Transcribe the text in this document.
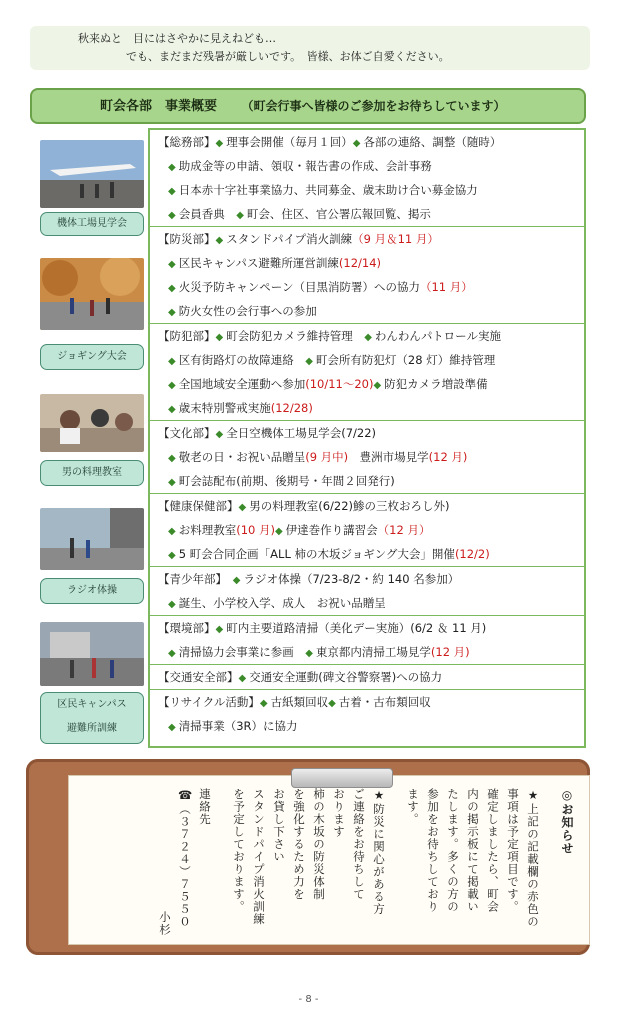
秋来ぬと　目にはさやかに見えねども…
でも、まだまだ残暑が厳しいです。　皆様、お体ご自愛ください。
町会各部　事業概要 （町会行事へ皆様のご参加をお待ちしています）
機体工場見学会
ジョギング大会
男の料理教室
ラジオ体操
区民キャンパス
避難所訓練
【総務部】◆ 理事会開催（毎月１回）◆ 各部の連絡、調整（随時）
◆ 助成金等の申請、領収・報告書の作成、会計事務
◆ 日本赤十字社事業協力、共同募金、歳末助け合い募金協力
◆ 会員香典　 ◆ 町会、住区、官公署広報回覧、掲示
【防災部】◆ スタンドパイプ消火訓練（9 月＆11 月）
◆ 区民キャンパス避難所運営訓練(12/14)
◆ 火災予防キャンペーン（目黒消防署）への協力（11 月）
◆ 防火女性の会行事への参加
【防犯部】◆ 町会防犯カメラ維持管理　 ◆ わんわんパトロール実施
◆ 区有街路灯の故障連絡　 ◆ 町会所有防犯灯（28 灯）維持管理
◆ 全国地域安全運動へ参加(10/11～20)◆ 防犯カメラ増設準備
◆ 歳末特別警戒実施(12/28)
【文化部】◆ 全日空機体工場見学会(7/22)
◆ 敬老の日・お祝い品贈呈(9 月中)　 豊洲市場見学(12 月)
◆ 町会誌配布(前期、後期号・年間２回発行)
【健康保健部】◆ 男の料理教室(6/22)鯵の三枚おろし外)
◆ お料理教室(10 月)◆ 伊達巻作り講習会（12 月）
◆ 5 町会合同企画「ALL 柿の木坂ジョギング大会」開催(12/2)
【青少年部】　 ◆ ラジオ体操（7/23-8/2・約 140 名参加）
◆ 誕生、小学校入学、成人　お祝い品贈呈
【環境部】◆ 町内主要道路清掃（美化デー実施）(6/2 ＆ 11 月)
◆ 清掃協力会事業に参画　 ◆ 東京都内清掃工場見学(12 月)
【交通安全部】◆ 交通安全運動(碑文谷警察署)への協力
【リサイクル活動】◆ 古紙類回収◆ 古着・古布類回収
◆ 清掃事業（3R）に協力
◎お知らせ
★上記の記載欄の赤色の
事項は予定項目です。
確定しましたら、町会
内の掲示板にて掲載い
たします。多くの方の
参加をお待ちしており
ます。
★防災に関心がある方
ご連絡をお待ちして
おります
柿の木坂の防災体制
を強化するため力を
お貸し下さい
スタンドパイプ消火訓練
を予定しております。
連絡先
☎（３７２４）７５５０
小杉
- 8 -
